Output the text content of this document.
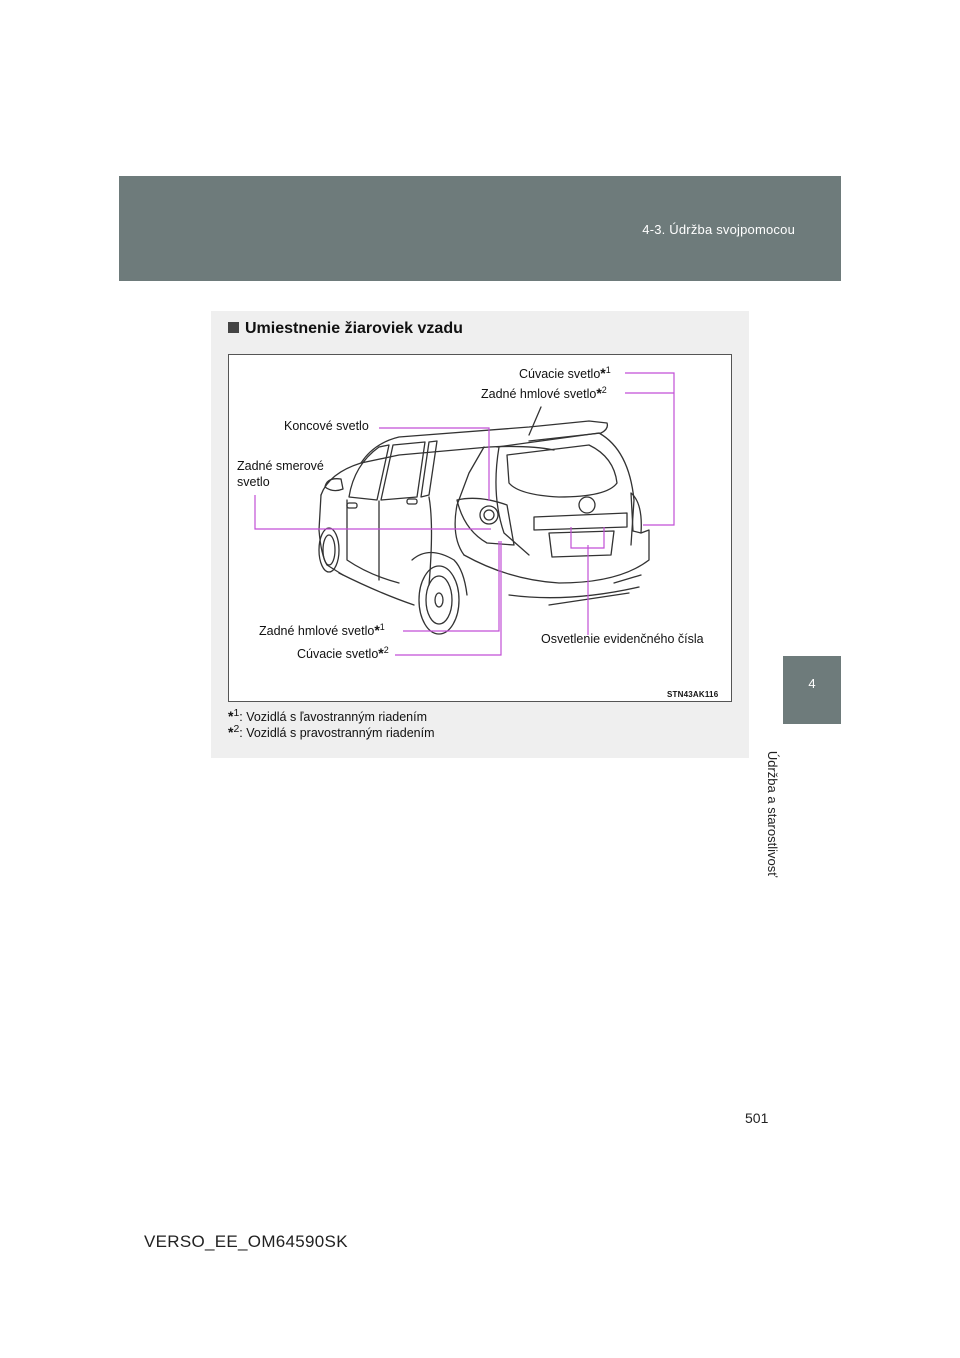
4-3. Údržba svojpomocou
4
Údržba a starostlivosť
Umiestnenie žiaroviek vzadu
Cúvacie svetlo*$^1$
Zadné hmlové svetlo*$^2$
Koncové svetlo
Zadné smerové
svetlo
Zadné hmlové svetlo*$^1$
Cúvacie svetlo*$^2$
Osvetlenie evidenčného čísla
STN43AK116
*$^1$: Vozidlá s ľavostranným riadením
*$^2$: Vozidlá s pravostranným riadením
501
VERSO_EE_OM64590SK
